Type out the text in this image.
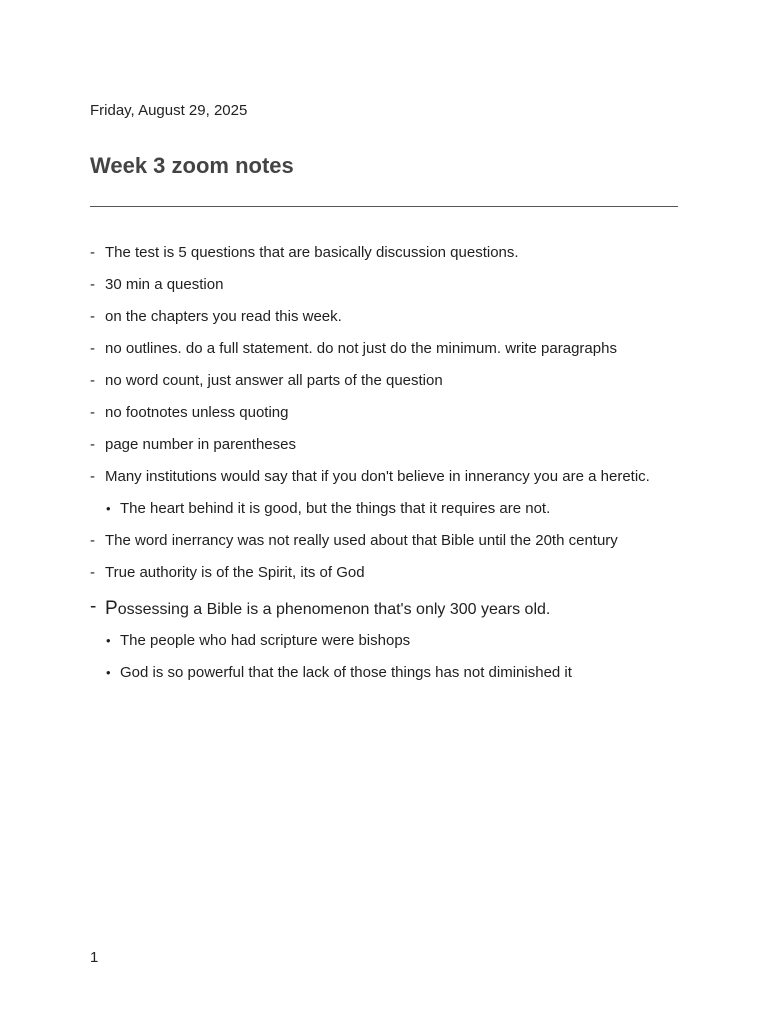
Friday, August 29, 2025
Week 3 zoom notes
- The test is 5 questions that are basically discussion questions.
- 30 min a question
- on the chapters you read this week.
- no outlines. do a full statement. do not just do the minimum. write paragraphs
- no word count, just answer all parts of the question
- no footnotes unless quoting
- page number in parentheses
- Many institutions would say that if you don't believe in innerancy you are a heretic.
• The heart behind it is good, but the things that it requires are not.
- The word inerrancy was not really used about that Bible until the 20th century
- True authority is of the Spirit, its of God
- Possessing a Bible is a phenomenon that's only 300 years old.
• The people who had scripture were bishops
• God is so powerful that the lack of those things has not diminished it
1
